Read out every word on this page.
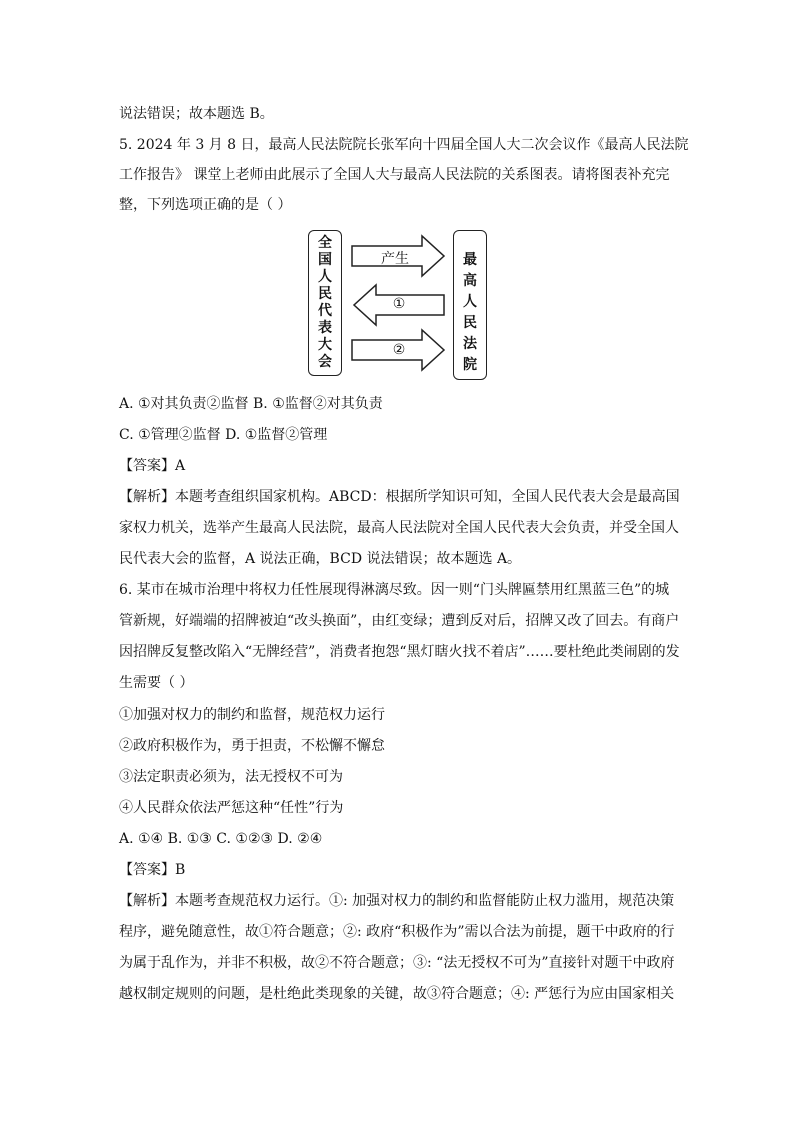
说法错误；故本题选 B。
5. 2024 年 3 月 8 日，最高人民法院院长张军向十四届全国人大二次会议作《最高人民法院
工作报告》 课堂上老师由此展示了全国人大与最高人民法院的关系图表。请将图表补充完
整，下列选项正确的是（ ）
全
国
人
民
代
表
大
会
最
高
人
民
法
院
产生
①
②
A. ①对其负责②监督 B. ①监督②对其负责
C. ①管理②监督 D. ①监督②管理
【答案】A
【解析】本题考查组织国家机构。ABCD：根据所学知识可知，全国人民代表大会是最高国
家权力机关，选举产生最高人民法院，最高人民法院对全国人民代表大会负责，并受全国人
民代表大会的监督，A 说法正确，BCD 说法错误；故本题选 A。
6. 某市在城市治理中将权力任性展现得淋漓尽致。因一则“门头牌匾禁用红黑蓝三色”的城
管新规，好端端的招牌被迫“改头换面”，由红变绿；遭到反对后，招牌又改了回去。有商户
因招牌反复整改陷入“无牌经营”，消费者抱怨“黑灯瞎火找不着店”……要杜绝此类闹剧的发
生需要（ ）
①加强对权力的制约和监督，规范权力运行
②政府积极作为，勇于担责，不松懈不懈怠
③法定职责必须为，法无授权不可为
④人民群众依法严惩这种“任性”行为
A. ①④ B. ①③ C. ①②③ D. ②④
【答案】B
【解析】本题考查规范权力运行。①: 加强对权力的制约和监督能防止权力滥用，规范决策
程序，避免随意性，故①符合题意；②: 政府“积极作为”需以合法为前提，题干中政府的行
为属于乱作为，并非不积极，故②不符合题意；③: “法无授权不可为”直接针对题干中政府
越权制定规则的问题，是杜绝此类现象的关键，故③符合题意；④: 严惩行为应由国家相关
